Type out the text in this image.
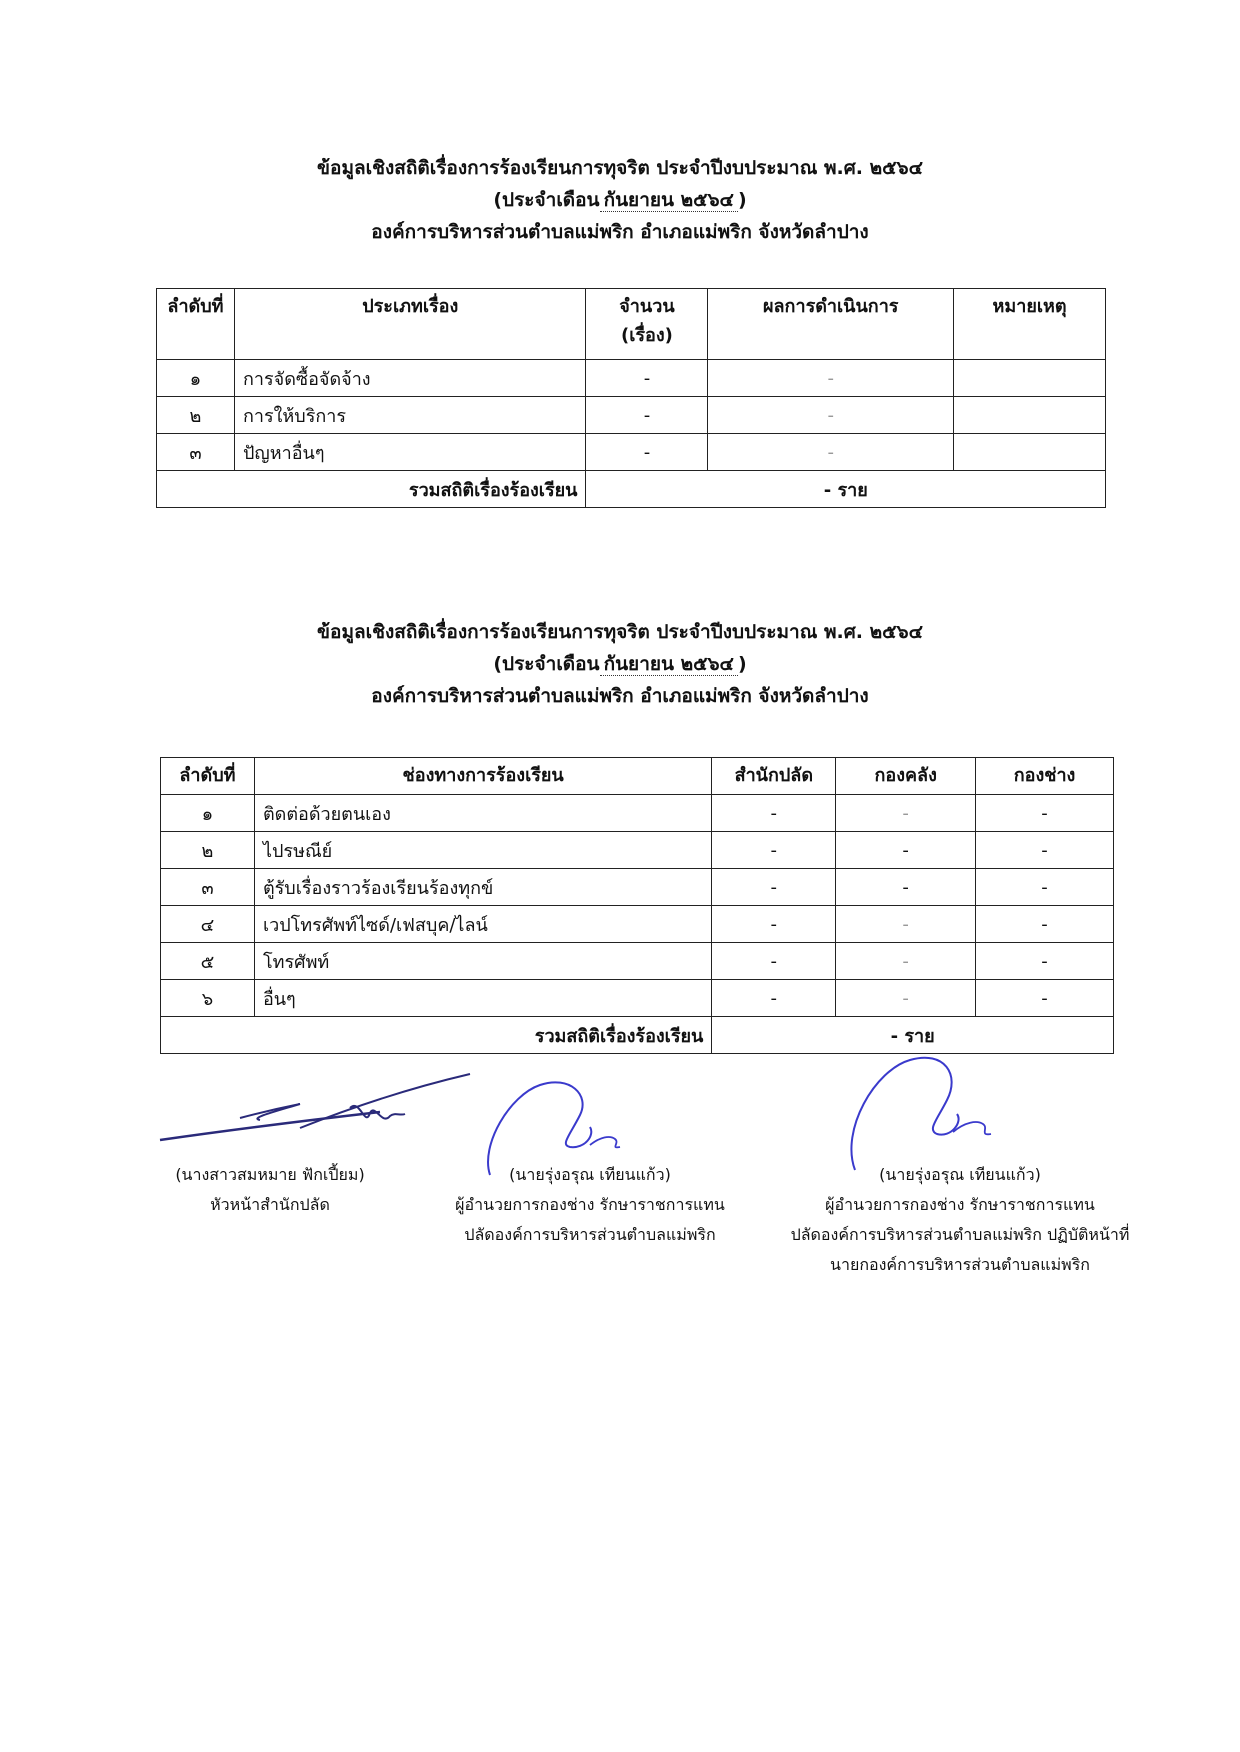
ข้อมูลเชิงสถิติเรื่องการร้องเรียนการทุจริต ประจำปีงบประมาณ พ.ศ. ๒๕๖๔
(ประจำเดือน กันยายน ๒๕๖๔ )
องค์การบริหารส่วนตำบลแม่พริก อำเภอแม่พริก จังหวัดลำปาง
ลำดับที่	ประเภทเรื่อง	จำนวน (เรื่อง)	ผลการดำเนินการ	หมายเหตุ
๑	การจัดซื้อจัดจ้าง	-	-	
๒	การให้บริการ	-	-	
๓	ปัญหาอื่นๆ	-	-	
รวมสถิติเรื่องร้องเรียน		- ราย		
ข้อมูลเชิงสถิติเรื่องการร้องเรียนการทุจริต ประจำปีงบประมาณ พ.ศ. ๒๕๖๔
(ประจำเดือน กันยายน ๒๕๖๔ )
องค์การบริหารส่วนตำบลแม่พริก อำเภอแม่พริก จังหวัดลำปาง
ลำดับที่	ช่องทางการร้องเรียน	สำนักปลัด	กองคลัง	กองช่าง
๑	ติดต่อด้วยตนเอง	-	-	-
๒	ไปรษณีย์	-	-	-
๓	ตู้รับเรื่องราวร้องเรียนร้องทุกข์	-	-	-
๔	เวปโทรศัพท์ไซด์/เฟสบุค/ไลน์	-	-	-
๕	โทรศัพท์	-	-	-
๖	อื่นๆ	-	-	-
รวมสถิติเรื่องร้องเรียน		- ราย		
(นางสาวสมหมาย ฟักเปี้ยม)
หัวหน้าสำนักปลัด
(นายรุ่งอรุณ เทียนแก้ว)
ผู้อำนวยการกองช่าง รักษาราชการแทน
ปลัดองค์การบริหารส่วนตำบลแม่พริก
(นายรุ่งอรุณ เทียนแก้ว)
ผู้อำนวยการกองช่าง รักษาราชการแทน
ปลัดองค์การบริหารส่วนตำบลแม่พริก ปฏิบัติหน้าที่
นายกองค์การบริหารส่วนตำบลแม่พริก
